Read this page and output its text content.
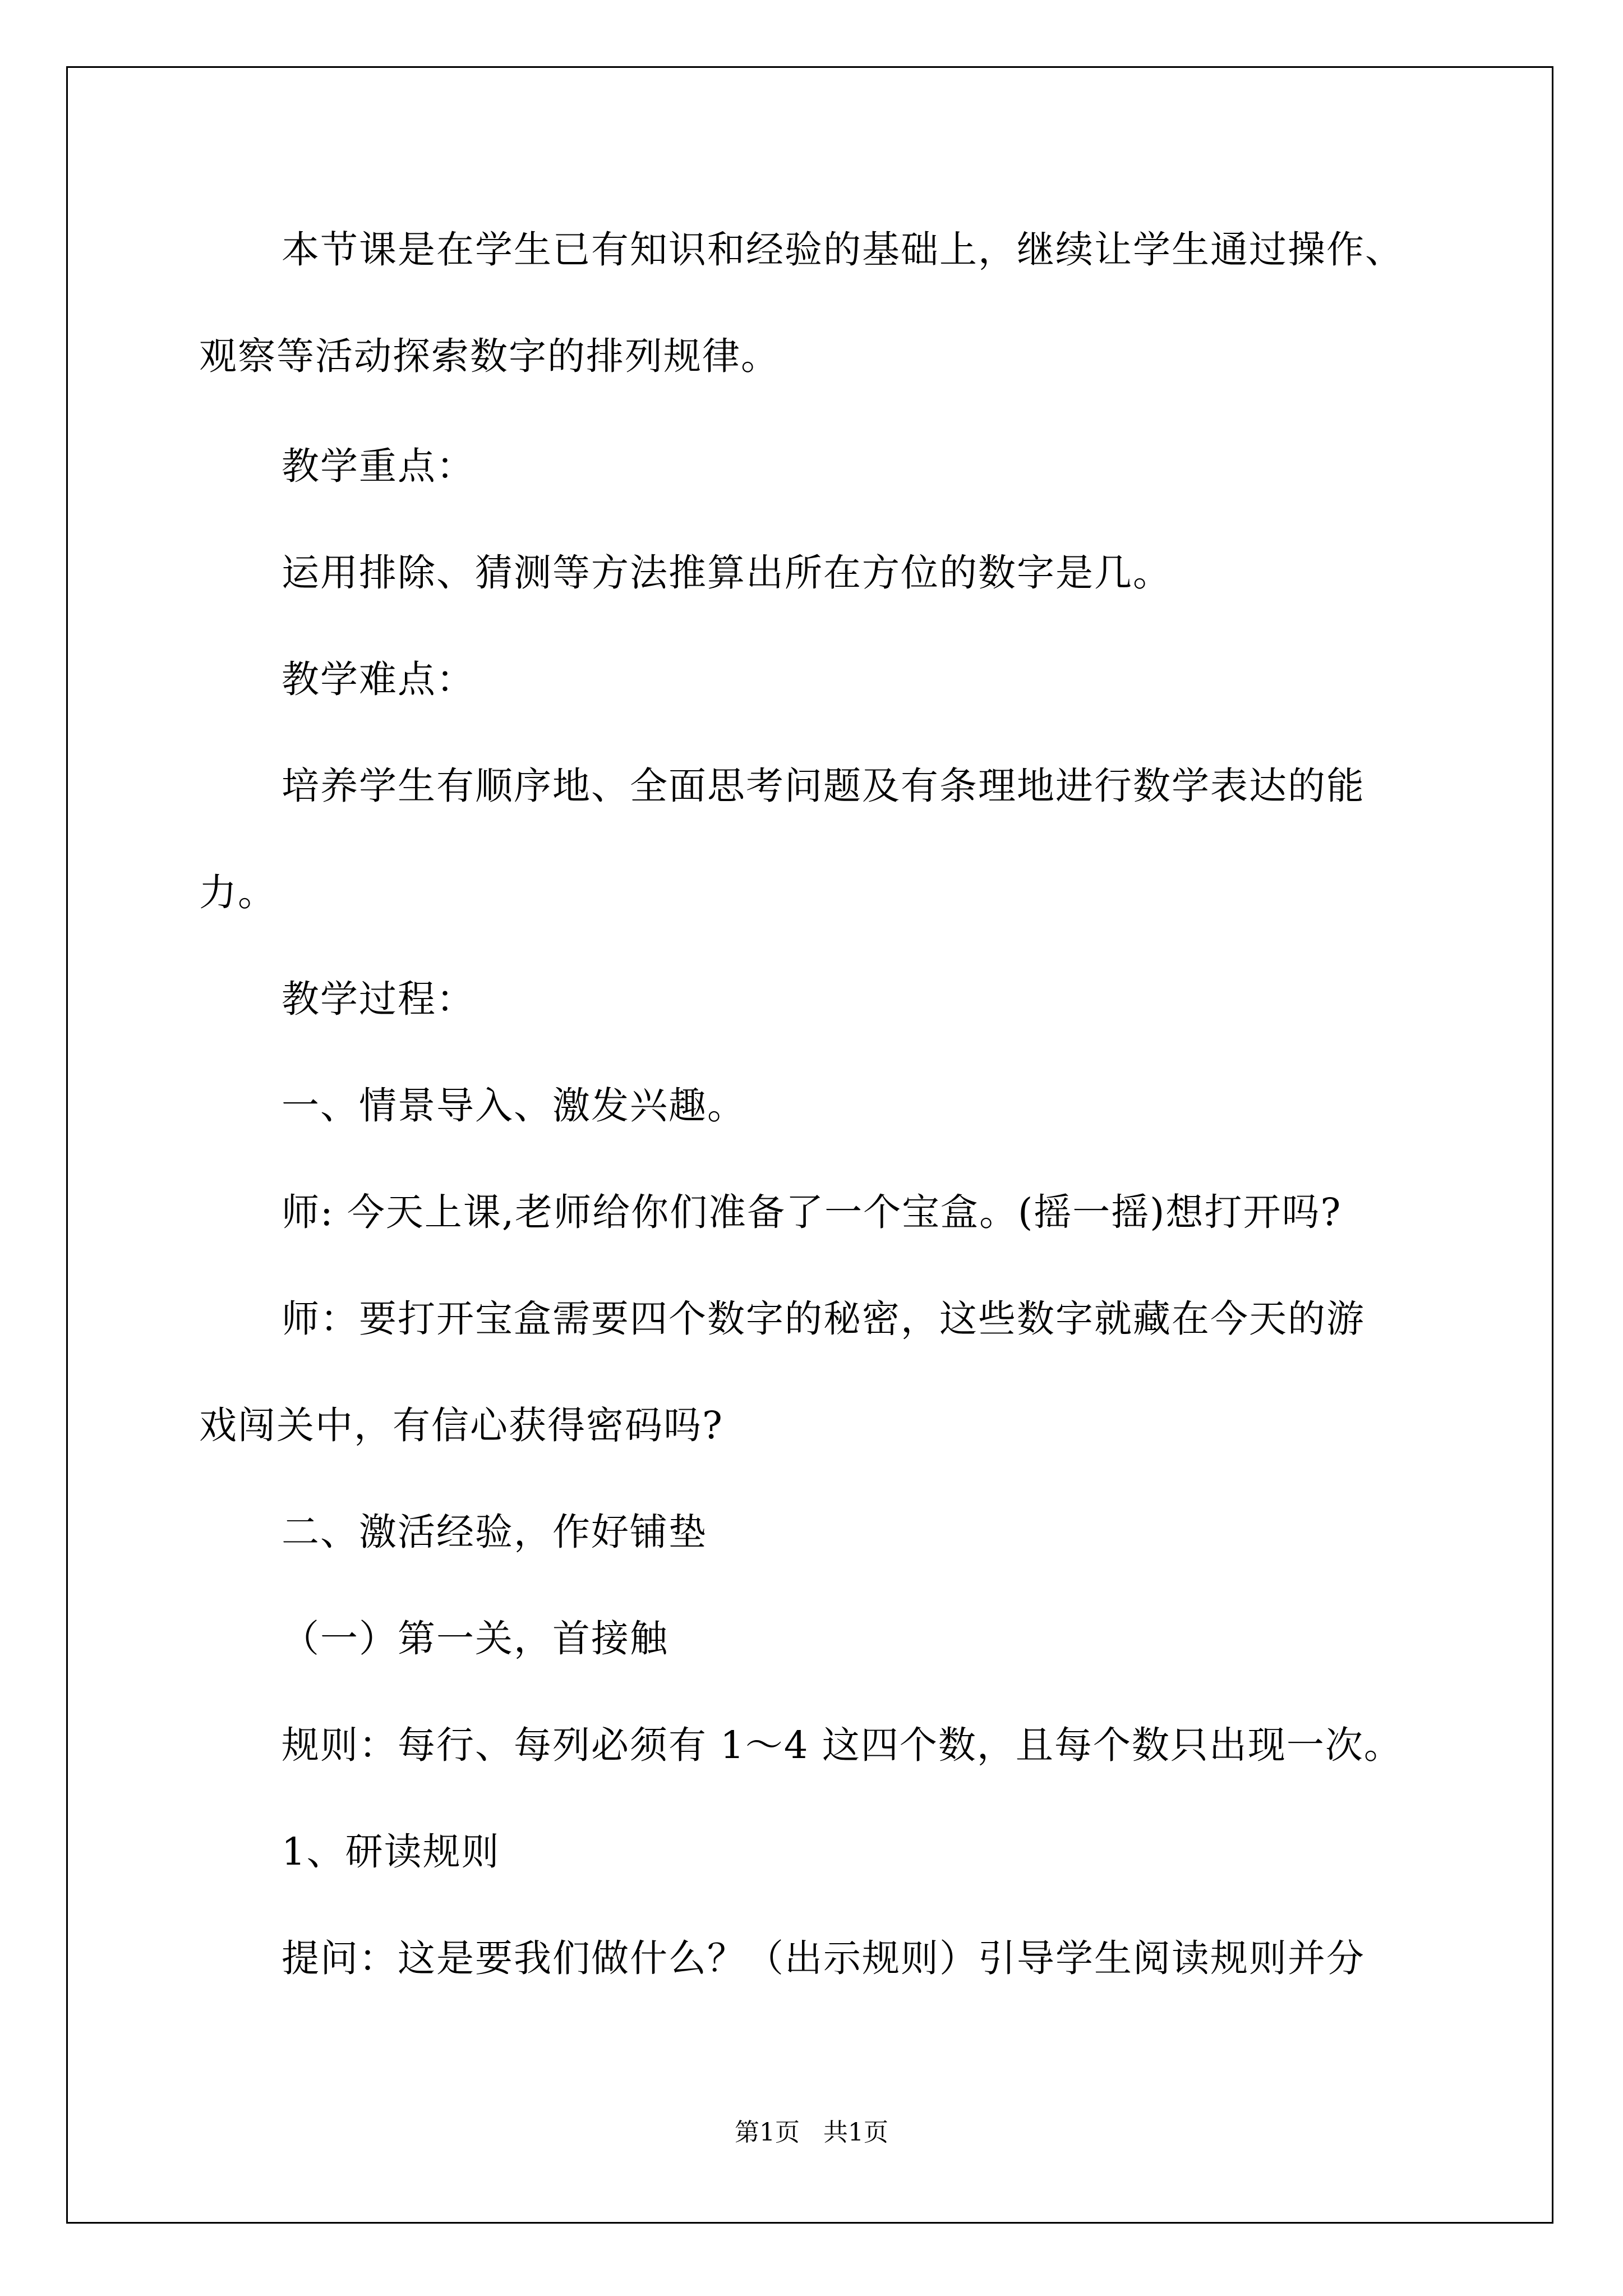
本节课是在学生已有知识和经验的基础上，继续让学生通过操作、
观察等活动探索数字的排列规律。
教学重点：
运用排除、猜测等方法推算出所在方位的数字是几。
教学难点：
培养学生有顺序地、全面思考问题及有条理地进行数学表达的能
力。
教学过程：
一、情景导入、激发兴趣。
师: 今天上课,老师给你们准备了一个宝盒。(摇一摇)想打开吗?
师：要打开宝盒需要四个数字的秘密，这些数字就藏在今天的游
戏闯关中，有信心获得密码吗?
二、激活经验，作好铺垫
（一）第一关，首接触
规则：每行、每列必须有 1～4 这四个数，且每个数只出现一次。
1、研读规则
提问：这是要我们做什么？（出示规则）引导学生阅读规则并分
第1页   共1页
